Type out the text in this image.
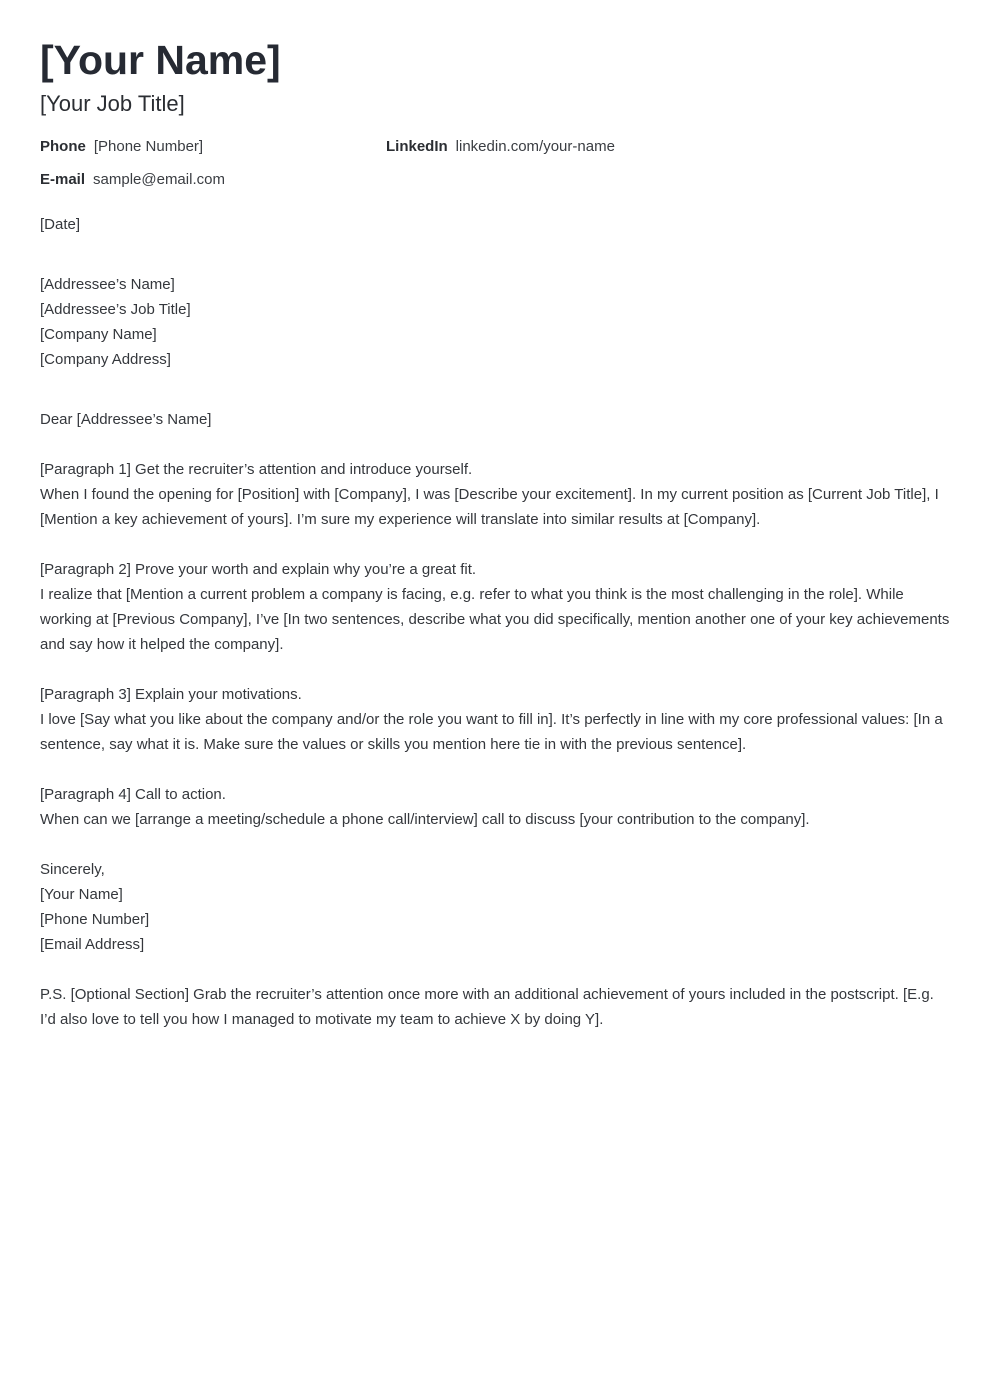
[Your Name]
[Your Job Title]
Phone [Phone Number]	LinkedIn linkedin.com/your-name
E-mail sample@email.com
[Date]
[Addressee’s Name]
[Addressee’s Job Title]
[Company Name]
[Company Address]
Dear [Addressee’s Name]
[Paragraph 1] Get the recruiter’s attention and introduce yourself.
When I found the opening for [Position] with [Company], I was [Describe your excitement]. In my current position as [Current Job Title], I [Mention a key achievement of yours]. I’m sure my experience will translate into similar results at [Company].
[Paragraph 2] Prove your worth and explain why you’re a great fit.
I realize that [Mention a current problem a company is facing, e.g. refer to what you think is the most challenging in the role]. While working at [Previous Company], I’ve [In two sentences, describe what you did specifically, mention another one of your key achievements and say how it helped the company].
[Paragraph 3] Explain your motivations.
I love [Say what you like about the company and/or the role you want to fill in]. It’s perfectly in line with my core professional values: [In a sentence, say what it is. Make sure the values or skills you mention here tie in with the previous sentence].
[Paragraph 4] Call to action.
When can we [arrange a meeting/schedule a phone call/interview] call to discuss [your contribution to the company].
Sincerely,
[Your Name]
[Phone Number]
[Email Address]
P.S. [Optional Section] Grab the recruiter’s attention once more with an additional achievement of yours included in the postscript. [E.g. I’d also love to tell you how I managed to motivate my team to achieve X by doing Y].
